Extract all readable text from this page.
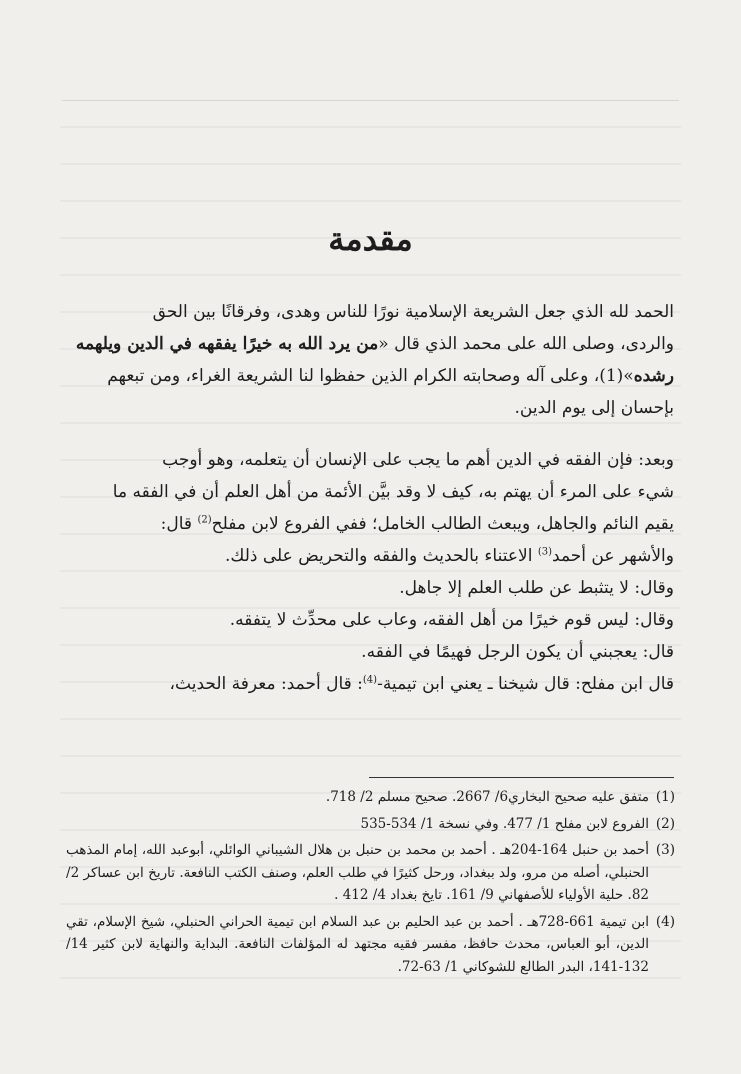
مقدمة
الحمد لله الذي جعل الشريعة الإسلامية نورًا للناس وهدى، وفرقانًا بين الحق
والردى، وصلى الله على محمد الذي قال «من يرد الله به خيرًا يفقهه في الدين ويلهمه
رشده»(1)، وعلى آله وصحابته الكرام الذين حفظوا لنا الشريعة الغراء، ومن تبعهم
بإحسان إلى يوم الدين.
وبعد: فإن الفقه في الدين أهم ما يجب على الإنسان أن يتعلمه، وهو أوجب
شيء على المرء أن يهتم به، كيف لا وقد بيَّن الأئمة من أهل العلم أن في الفقه ما
يقيم النائم والجاهل، ويبعث الطالب الخامل؛ ففي الفروع لابن مفلح$^{(2)}$ قال:
والأشهر عن أحمد$^{(3)}$ الاعتناء بالحديث والفقه والتحريض على ذلك.
وقال: لا يتثبط عن طلب العلم إلا جاهل.
وقال: ليس قوم خيرًا من أهل الفقه، وعاب على محدِّث لا يتفقه.
قال: يعجبني أن يكون الرجل فهيمًا في الفقه.
قال ابن مفلح: قال شيخنا ـ يعني ابن تيمية-$^{(4)}$: قال أحمد: معرفة الحديث،
(1)
متفق عليه صحيح البخاري6/ 2667. صحيح مسلم 2/ 718.
(2)
الفروع لابن مفلح 1/ 477. وفي نسخة 1/ 534-535
(3)
أحمد بن حنبل 164-204هـ . أحمد بن محمد بن حنبل بن هلال الشيباني الوائلي، أبوعبد الله، إمام المذهب الحنبلي، أصله من مرو، ولد ببغداد، ورحل كثيرًا في طلب العلم، وصنف الكتب النافعة. تاريخ ابن عساكر 2/ 82. حلية الأولياء للأصفهاني 9/ 161. تايخ بغداد 4/ 412 .
(4)
ابن تيمية 661-728هـ . أحمد بن عبد الحليم بن عبد السلام ابن تيمية الحراني الحنبلي، شيخ الإسلام، تقي الدين، أبو العباس، محدث حافظ، مفسر فقيه مجتهد له المؤلفات النافعة. البداية والنهاية لابن كثير 14/ 132-141، البدر الطالع للشوكاني 1/ 63-72.
